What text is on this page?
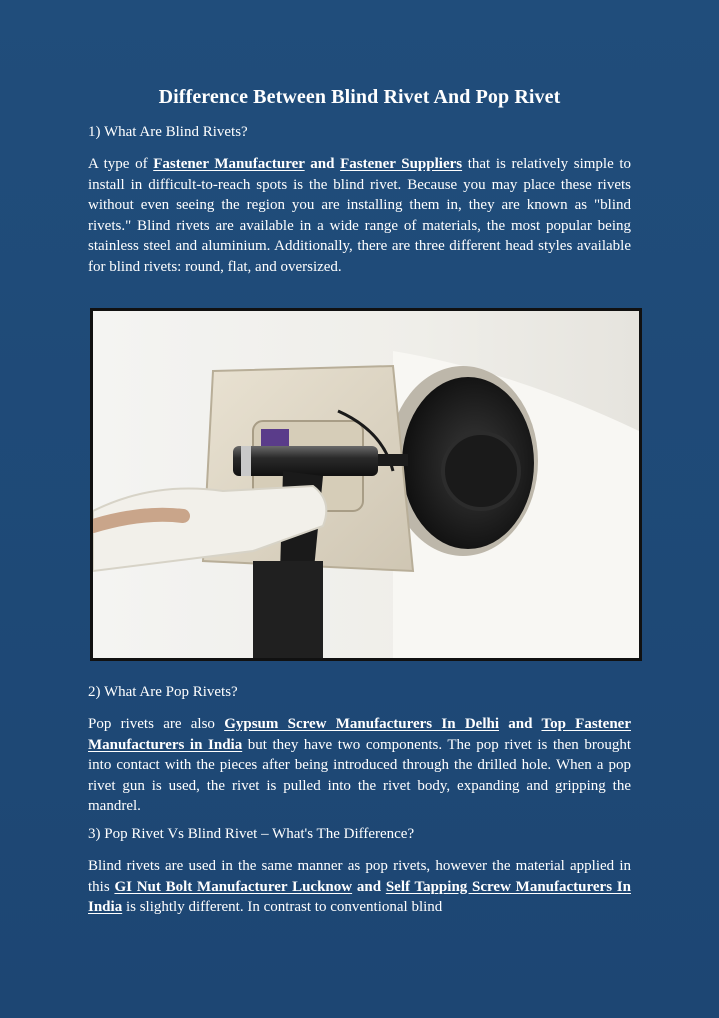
Difference Between Blind Rivet And Pop Rivet
1) What Are Blind Rivets?
A type of Fastener Manufacturer and Fastener Suppliers that is relatively simple to install in difficult-to-reach spots is the blind rivet. Because you may place these rivets without even seeing the region you are installing them in, they are known as "blind rivets." Blind rivets are available in a wide range of materials, the most popular being stainless steel and aluminium. Additionally, there are three different head styles available for blind rivets: round, flat, and oversized.
2) What Are Pop Rivets?
Pop rivets are also Gypsum Screw Manufacturers In Delhi and Top Fastener Manufacturers in India but they have two components. The pop rivet is then brought into contact with the pieces after being introduced through the drilled hole. When a pop rivet gun is used, the rivet is pulled into the rivet body, expanding and gripping the mandrel.
3) Pop Rivet Vs Blind Rivet – What's The Difference?
Blind rivets are used in the same manner as pop rivets, however the material applied in this GI Nut Bolt Manufacturer Lucknow and Self Tapping Screw Manufacturers In India is slightly different. In contrast to conventional blind
